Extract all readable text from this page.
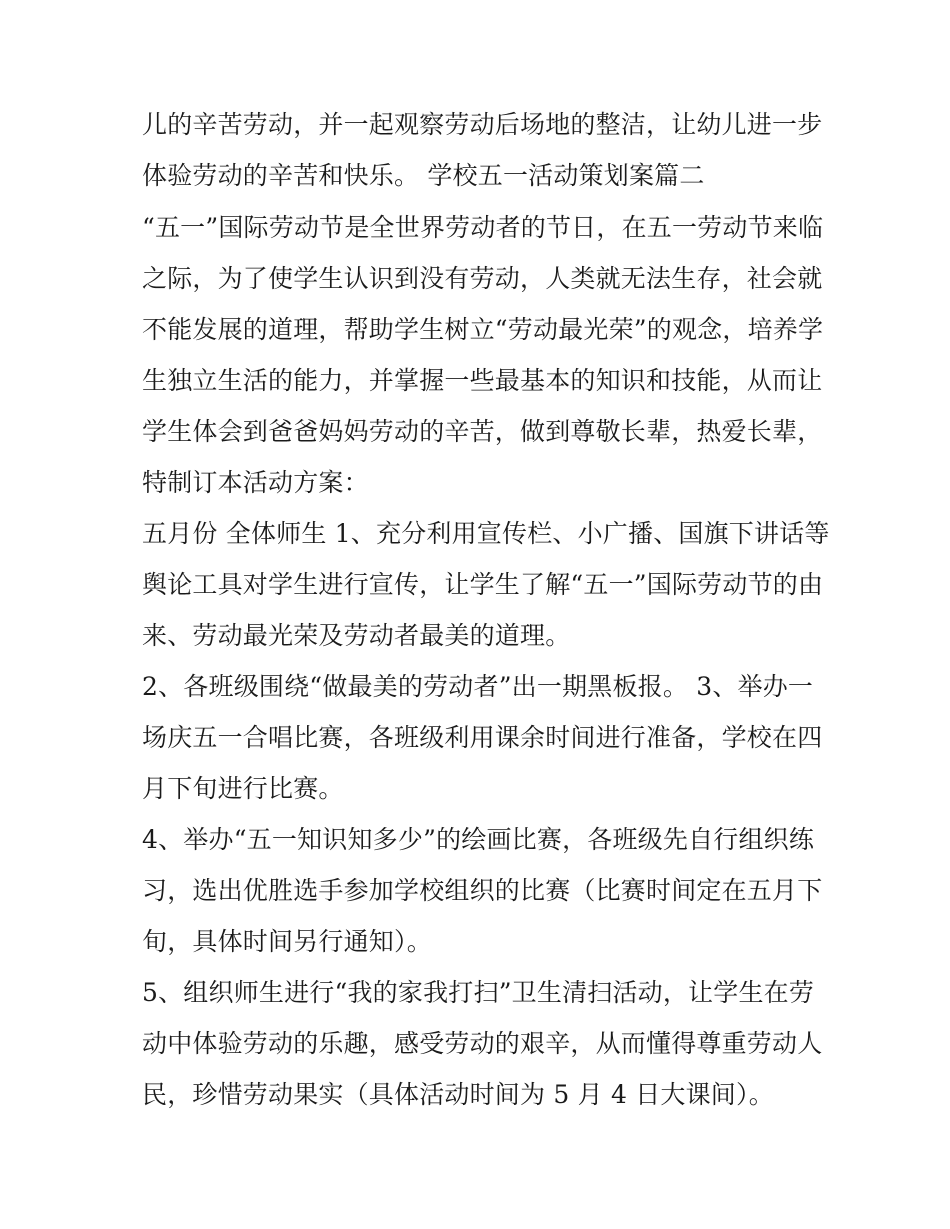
儿的辛苦劳动，并一起观察劳动后场地的整洁，让幼儿进一步
体验劳动的辛苦和快乐。 学校五一活动策划案篇二
“五一”国际劳动节是全世界劳动者的节日，在五一劳动节来临
之际，为了使学生认识到没有劳动，人类就无法生存，社会就
不能发展的道理，帮助学生树立“劳动最光荣”的观念，培养学
生独立生活的能力，并掌握一些最基本的知识和技能，从而让
学生体会到爸爸妈妈劳动的辛苦，做到尊敬长辈，热爱长辈，
特制订本活动方案：
五月份 全体师生 1、充分利用宣传栏、小广播、国旗下讲话等
舆论工具对学生进行宣传，让学生了解“五一”国际劳动节的由
来、劳动最光荣及劳动者最美的道理。
2、各班级围绕“做最美的劳动者”出一期黑板报。 3、举办一
场庆五一合唱比赛，各班级利用课余时间进行准备，学校在四
月下旬进行比赛。
4、举办“五一知识知多少”的绘画比赛，各班级先自行组织练
习，选出优胜选手参加学校组织的比赛（比赛时间定在五月下
旬，具体时间另行通知）。
5、组织师生进行“我的家我打扫”卫生清扫活动，让学生在劳
动中体验劳动的乐趣，感受劳动的艰辛，从而懂得尊重劳动人
民，珍惜劳动果实（具体活动时间为 5 月 4 日大课间）。
